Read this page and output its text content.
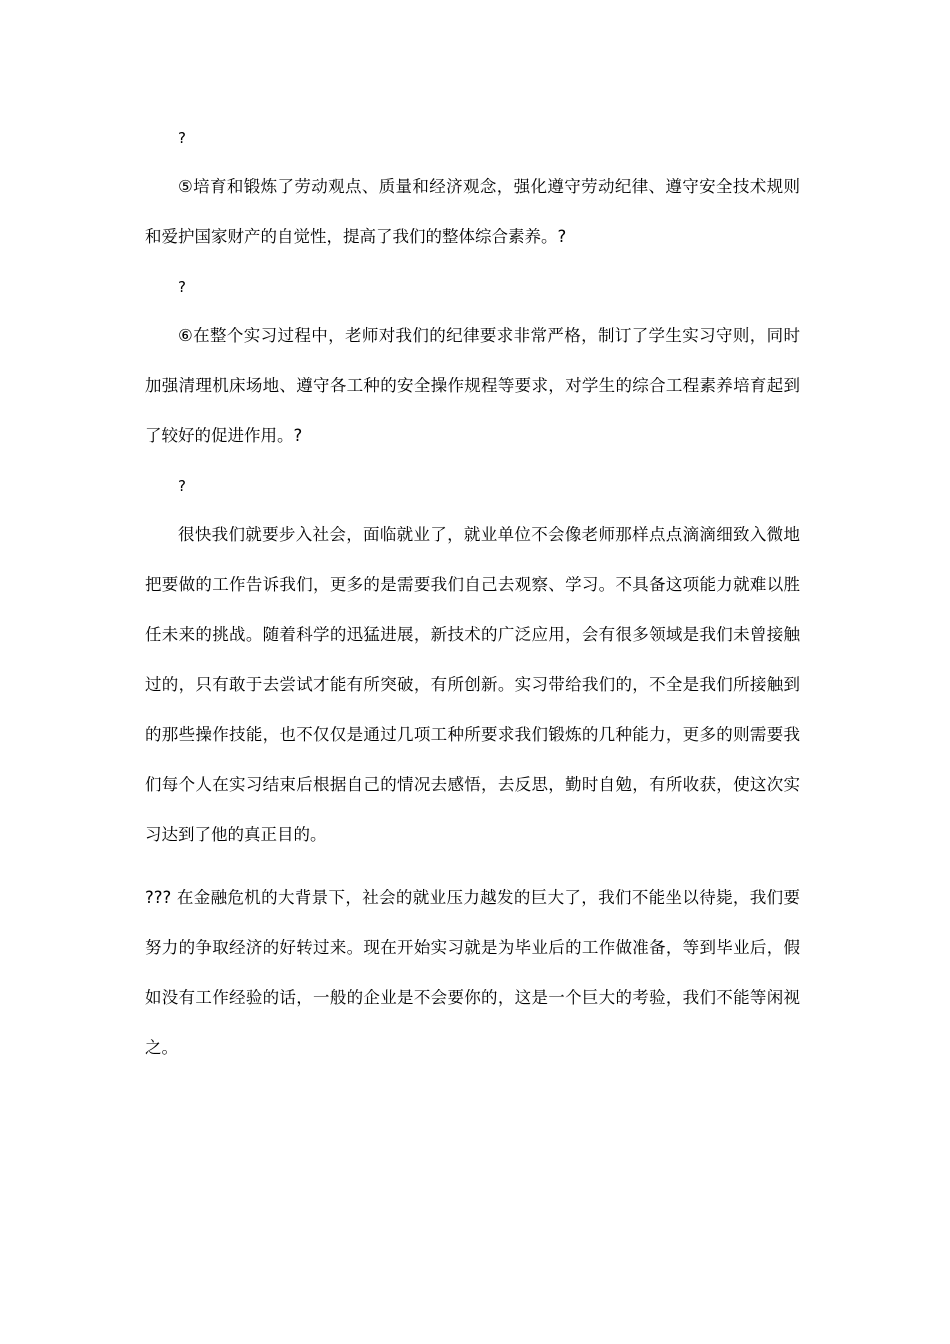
?

⑤培育和锻炼了劳动观点、质量和经济观念，强化遵守劳动纪律、遵守安全技术规则和爱护国家财产的自觉性，提高了我们的整体综合素养。?

?

⑥在整个实习过程中，老师对我们的纪律要求非常严格，制订了学生实习守则，同时加强清理机床场地、遵守各工种的安全操作规程等要求，对学生的综合工程素养培育起到了较好的促进作用。?

?

很快我们就要步入社会，面临就业了，就业单位不会像老师那样点点滴滴细致入微地把要做的工作告诉我们，更多的是需要我们自己去观察、学习。不具备这项能力就难以胜任未来的挑战。随着科学的迅猛进展，新技术的广泛应用，会有很多领域是我们未曾接触过的，只有敢于去尝试才能有所突破，有所创新。实习带给我们的，不全是我们所接触到的那些操作技能，也不仅仅是通过几项工种所要求我们锻炼的几种能力，更多的则需要我们每个人在实习结束后根据自己的情况去感悟，去反思，勤时自勉，有所收获，使这次实习达到了他的真正目的。

??? 在金融危机的大背景下，社会的就业压力越发的巨大了，我们不能坐以待毙，我们要努力的争取经济的好转过来。现在开始实习就是为毕业后的工作做准备，等到毕业后，假如没有工作经验的话，一般的企业是不会要你的，这是一个巨大的考验，我们不能等闲视之。
